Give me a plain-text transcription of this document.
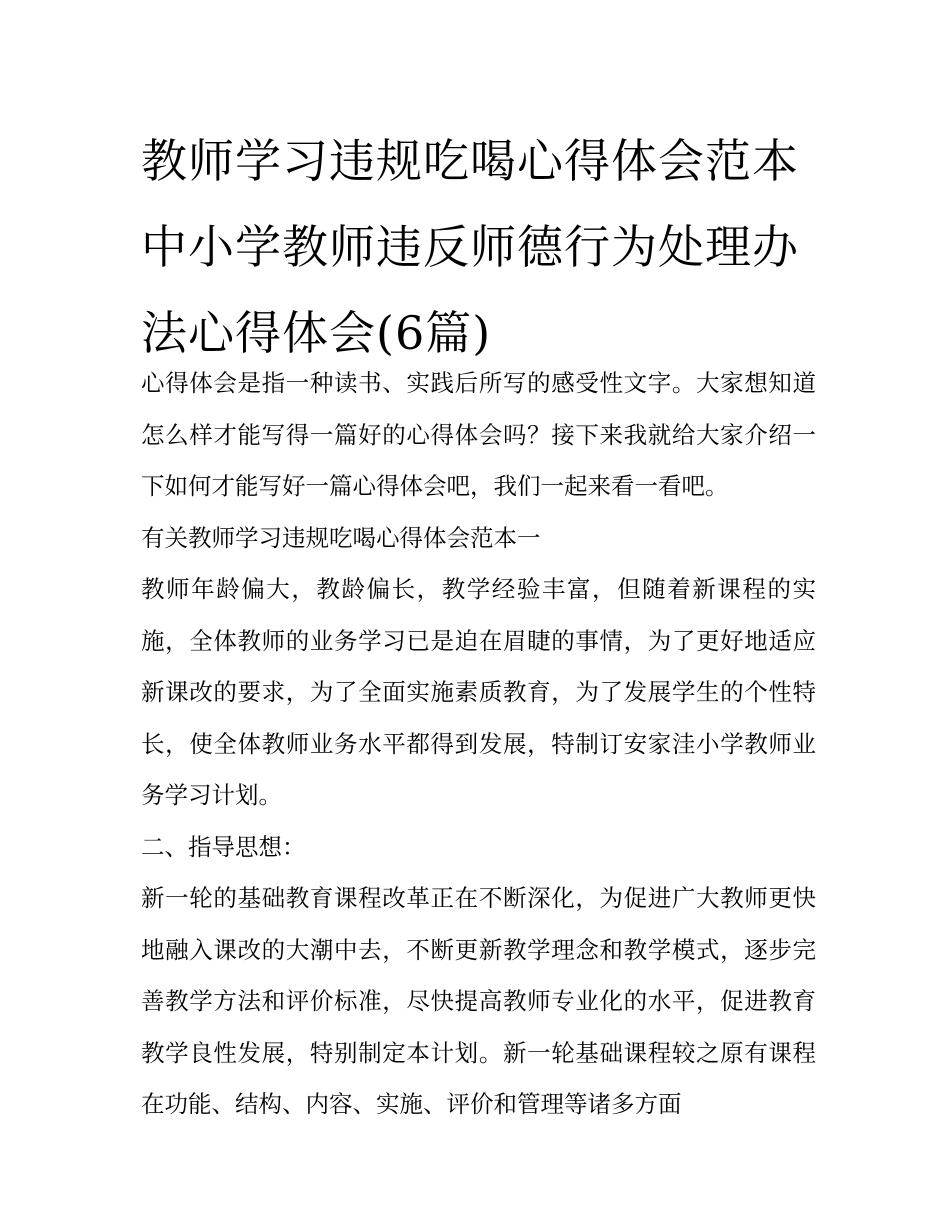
教师学习违规吃喝心得体会范本 中小学教师违反师德行为处理办法心得体会(6篇)

心得体会是指一种读书、实践后所写的感受性文字。大家想知道怎么样才能写得一篇好的心得体会吗？接下来我就给大家介绍一下如何才能写好一篇心得体会吧，我们一起来看一看吧。

有关教师学习违规吃喝心得体会范本一

教师年龄偏大，教龄偏长，教学经验丰富，但随着新课程的实施，全体教师的业务学习已是迫在眉睫的事情，为了更好地适应新课改的要求，为了全面实施素质教育，为了发展学生的个性特长，使全体教师业务水平都得到发展，特制订安家洼小学教师业务学习计划。

二、指导思想：

新一轮的基础教育课程改革正在不断深化，为促进广大教师更快地融入课改的大潮中去，不断更新教学理念和教学模式，逐步完善教学方法和评价标准，尽快提高教师专业化的水平，促进教育教学良性发展，特别制定本计划。新一轮基础课程较之原有课程在功能、结构、内容、实施、评价和管理等诸多方面
